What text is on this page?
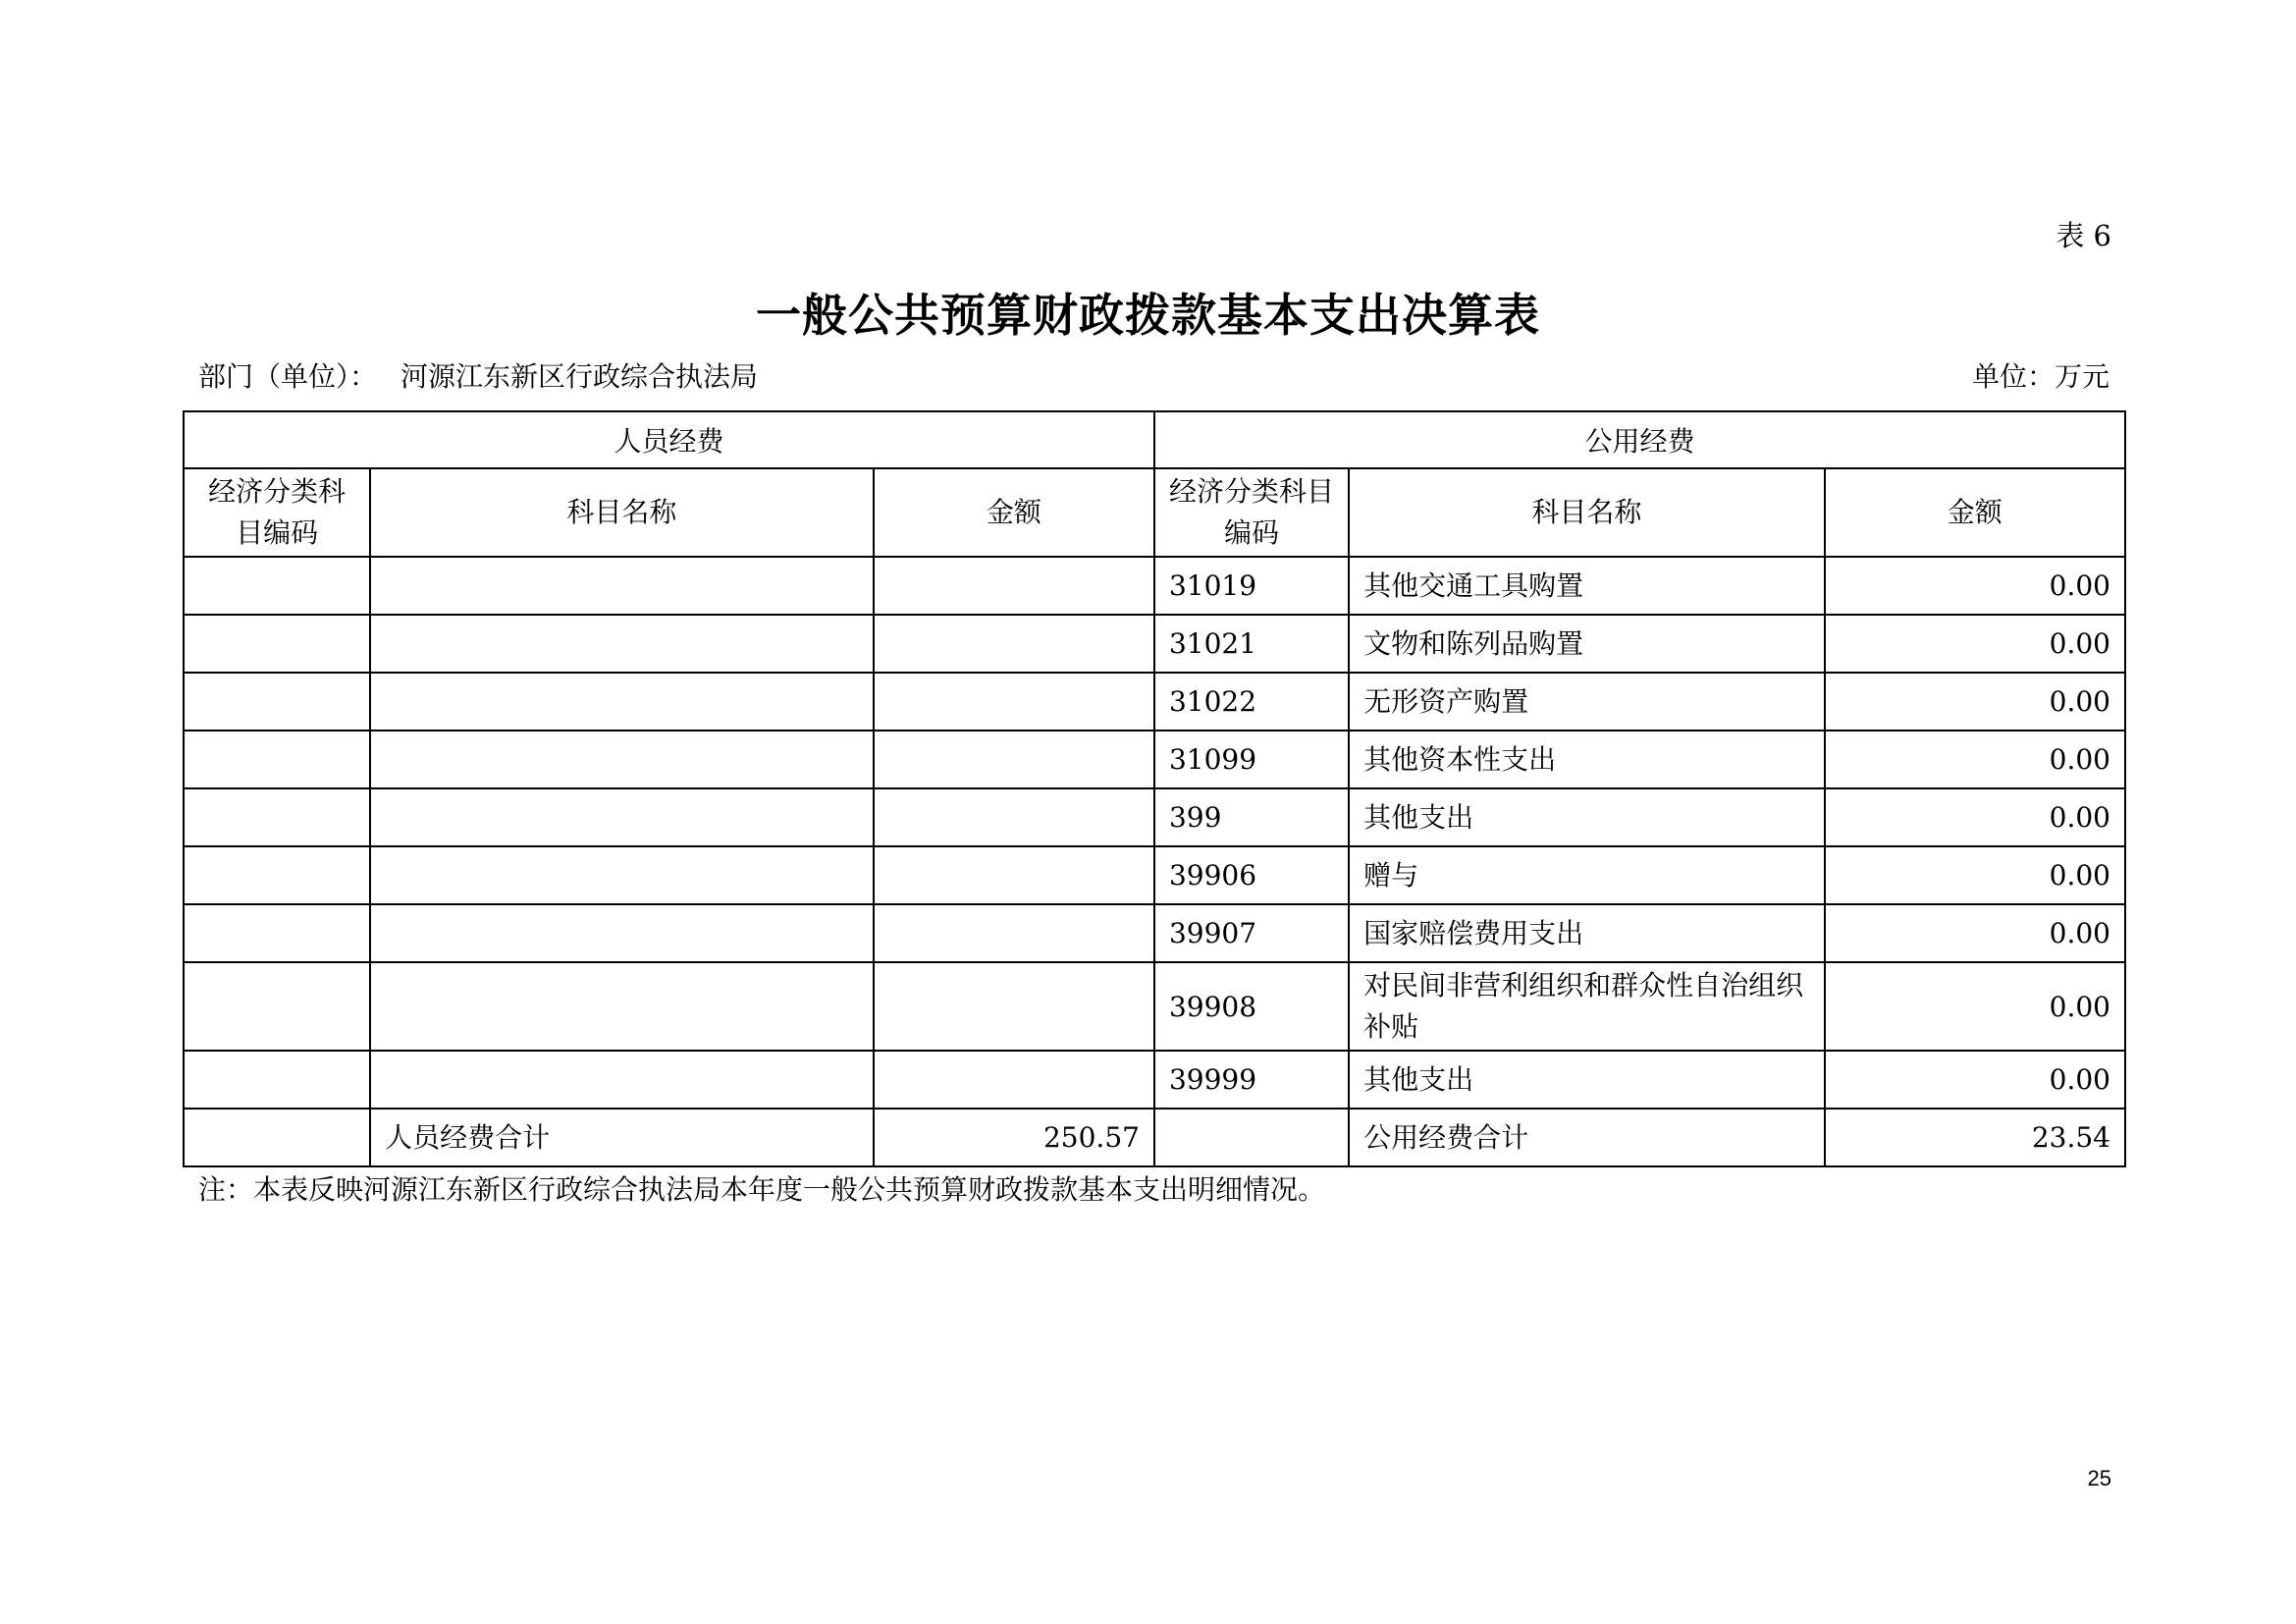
表 6
一般公共预算财政拨款基本支出决算表
部门（单位）： 河源江东新区行政综合执法局	单位：万元
人员经费			公用经费		
经济分类科目编码	科目名称	金额	经济分类科目编码	科目名称	金额
			31019	其他交通工具购置	0.00
			31021	文物和陈列品购置	0.00
			31022	无形资产购置	0.00
			31099	其他资本性支出	0.00
			399	其他支出	0.00
			39906	赠与	0.00
			39907	国家赔偿费用支出	0.00
			39908	对民间非营利组织和群众性自治组织补贴	0.00
			39999	其他支出	0.00
	人员经费合计	250.57		公用经费合计	23.54
注：本表反映河源江东新区行政综合执法局本年度一般公共预算财政拨款基本支出明细情况。
25
